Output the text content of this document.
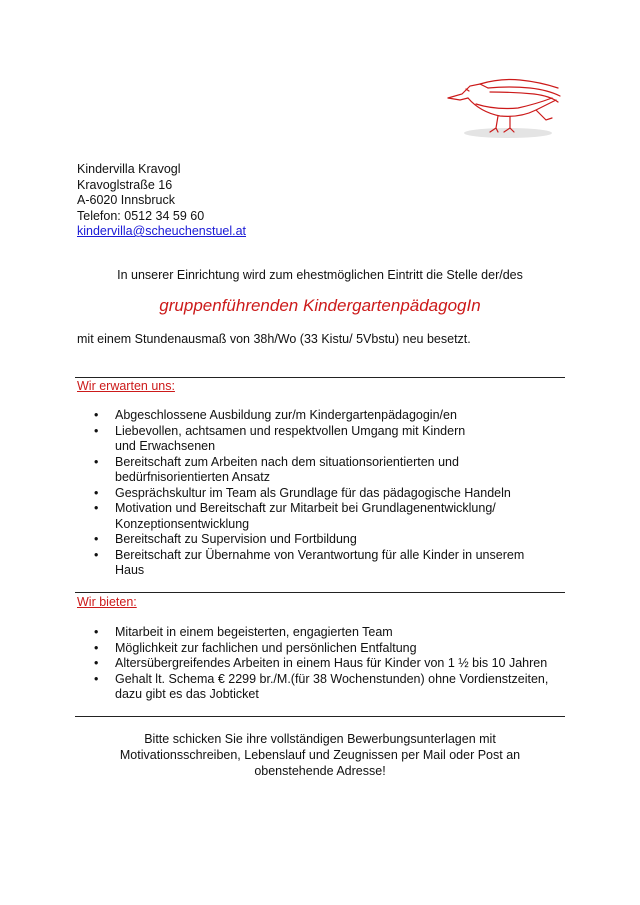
Kindervilla Kravogl
Kravoglstraße 16
A-6020 Innsbruck
Telefon: 0512 34 59 60
kindervilla@scheuchenstuel.at
In unserer Einrichtung wird zum ehestmöglichen Eintritt die Stelle der/des
gruppenführenden KindergartenpädagogIn
mit einem Stundenausmaß von 38h/Wo (33 Kistu/ 5Vbstu) neu besetzt.
Wir erwarten uns:
• Abgeschlossene Ausbildung zur/m Kindergartenpädagogin/en
• Liebevollen, achtsamen und respektvollen Umgang mit Kindern und Erwachsenen
• Bereitschaft zum Arbeiten nach dem situationsorientierten und bedürfnisorientierten Ansatz
• Gesprächskultur im Team als Grundlage für das pädagogische Handeln
• Motivation und Bereitschaft zur Mitarbeit bei Grundlagenentwicklung/ Konzeptionsentwicklung
• Bereitschaft zu Supervision und Fortbildung
• Bereitschaft zur Übernahme von Verantwortung für alle Kinder in unserem Haus
Wir bieten:
• Mitarbeit in einem begeisterten, engagierten Team
• Möglichkeit zur fachlichen und persönlichen Entfaltung
• Altersübergreifendes Arbeiten in einem Haus für Kinder von 1 ½ bis 10 Jahren
• Gehalt lt. Schema € 2299 br./M.(für 38 Wochenstunden) ohne Vordienstzeiten, dazu gibt es das Jobticket
Bitte schicken Sie ihre vollständigen Bewerbungsunterlagen mit
Motivationsschreiben, Lebenslauf und Zeugnissen per Mail oder Post an
obenstehende Adresse!
